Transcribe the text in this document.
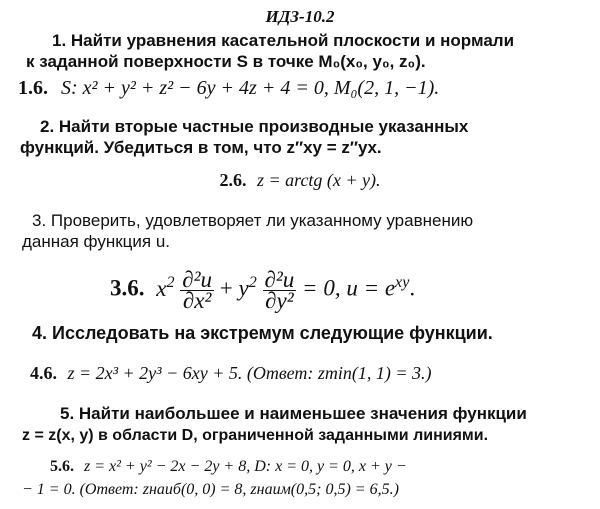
ИДЗ-10.2
1. Найти уравнения касательной плоскости и нормали
к заданной поверхности S в точке M₀(x₀, y₀, z₀).
1.6. S: x² + y² + z² − 6y + 4z + 4 = 0, M₀(2, 1, −1).
2. Найти вторые частные производные указанных
функций. Убедиться в том, что z″xy = z″yx.
2.6. z = arctg (x + y).
3. Проверить, удовлетворяет ли указанному уравнению
данная функция u.
3.6. $x^2 \frac{\text{∂²u}}{\text{∂x²}} + y^2 \frac{\text{∂²u}}{\text{∂y²}} = 0$, $u = e^{xy}$.
4. Исследовать на экстремум следующие функции.
4.6. z = 2x³ + 2y³ − 6xy + 5. (Ответ: zmin(1, 1) = 3.)
5. Найти наибольшее и наименьшее значения функции
z = z(x, y) в области D, ограниченной заданными линиями.
5.6. z = x² + y² − 2x − 2y + 8, D: x = 0, y = 0, x + y −
− 1 = 0. (Ответ: zнаиб(0, 0) = 8, zнаим(0,5; 0,5) = 6,5.)
